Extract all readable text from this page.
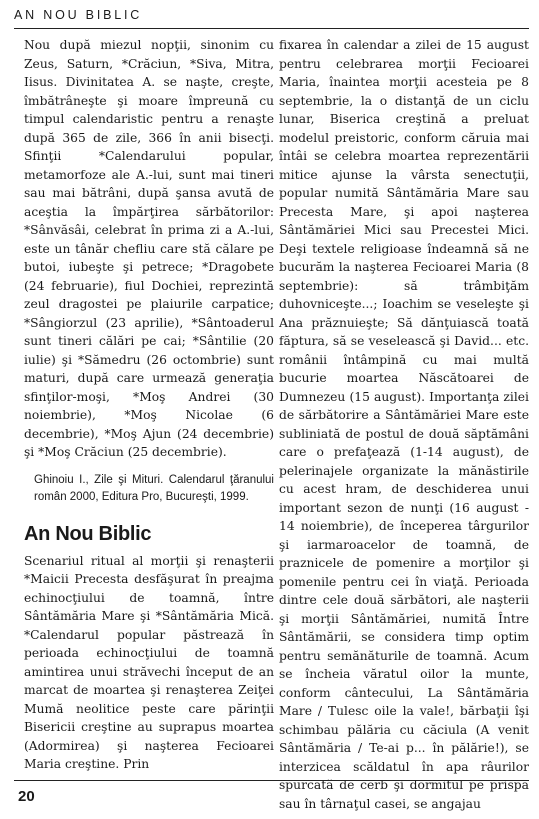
AN NOU BIBLIC

Nou după miezul nopţii, sinonim cu Zeus, Saturn, *Crăciun, *Siva, Mitra, Iisus. Divinitatea A. se naşte, creşte, îmbătrâneşte şi moare împreună cu timpul calendaristic pentru a renaşte după 365 de zile, 366 în anii bisecţi. Sfinţii *Calendarului popular, metamorfoze ale A.-lui, sunt mai tineri sau mai bătrâni, după şansa avută de aceştia la împărţirea sărbătorilor: *Sânvăsâi, celebrat în prima zi a A.-lui, este un tânăr chefliu care stă călare pe butoi, iubeşte şi petrece; *Dragobete (24 februarie), fiul Dochiei, reprezintă zeul dragostei pe plaiurile carpatice; *Sângiorzul (23 aprilie), *Sântoaderul sunt tineri călări pe cai; *Sântilie (20 iulie) şi *Sămedru (26 octombrie) sunt maturi, după care urmează generaţia sfinţilor-moşi, *Moş Andrei (30 noiembrie), *Moş Nicolae (6 decembrie), *Moş Ajun (24 decembrie) şi *Moş Crăciun (25 decembrie).

Ghinoiu I., Zile şi Mituri. Calendarul ţăranului român 2000, Editura Pro, Bucureşti, 1999.

An Nou Biblic

Scenariul ritual al morţii şi renaşterii *Maicii Precesta desfăşurat în preajma echinocţiului de toamnă, între Sântămăria Mare şi *Sântămăria Mică. *Calendarul popular păstrează în perioada echinocţiului de toamnă amintirea unui străvechi început de an marcat de moartea şi renaşterea Zeiţei Mumă neolitice peste care părinţii Bisericii creştine au suprapus moartea (Adormirea) şi naşterea Fecioarei Maria creştine. Prin

fixarea în calendar a zilei de 15 august pentru celebrarea morţii Fecioarei Maria, înaintea morţii acesteia pe 8 septembrie, la o distanţă de un ciclu lunar, Biserica creştină a preluat modelul preistoric, conform căruia mai întâi se celebra moartea reprezentării mitice ajunse la vârsta senectuţii, popular numită Sântămăria Mare sau Precesta Mare, şi apoi naşterea Sântămăriei Mici sau Precestei Mici. Deşi textele religioase îndeamnă să ne bucurăm la naşterea Fecioarei Maria (8 septembrie): să trâmbiţăm duhovniceşte...; Ioachim se veseleşte şi Ana prăznuieşte; Să dănţuiască toată făptura, să se veselească şi David... etc. românii întâmpină cu mai multă bucurie moartea Născătoarei de Dumnezeu (15 august). Importanţa zilei de sărbătorire a Sântămăriei Mare este subliniată de postul de două săptămâni care o prefaţează (1-14 august), de pelerinajele organizate la mănăstirile cu acest hram, de deschiderea unui important sezon de nunţi (16 august - 14 noiembrie), de începerea târgurilor şi iarmaroacelor de toamnă, de praznicele de pomenire a morţilor şi pomenile pentru cei în viaţă. Perioada dintre cele două sărbători, ale naşterii şi morţii Sântămăriei, numită Între Sântămării, se considera timp optim pentru semănăturile de toamnă. Acum se încheia văratul oilor la munte, conform cântecului, La Sântămăria Mare / Tulesc oile la vale!, bărbaţii îşi schimbau pălăria cu căciula (A venit Sântămăria / Te-ai p... în pălărie!), se interzicea scăldatul în apa râurilor spurcată de cerb şi dormitul pe prispa sau în târnaţul casei, se angajau

20
